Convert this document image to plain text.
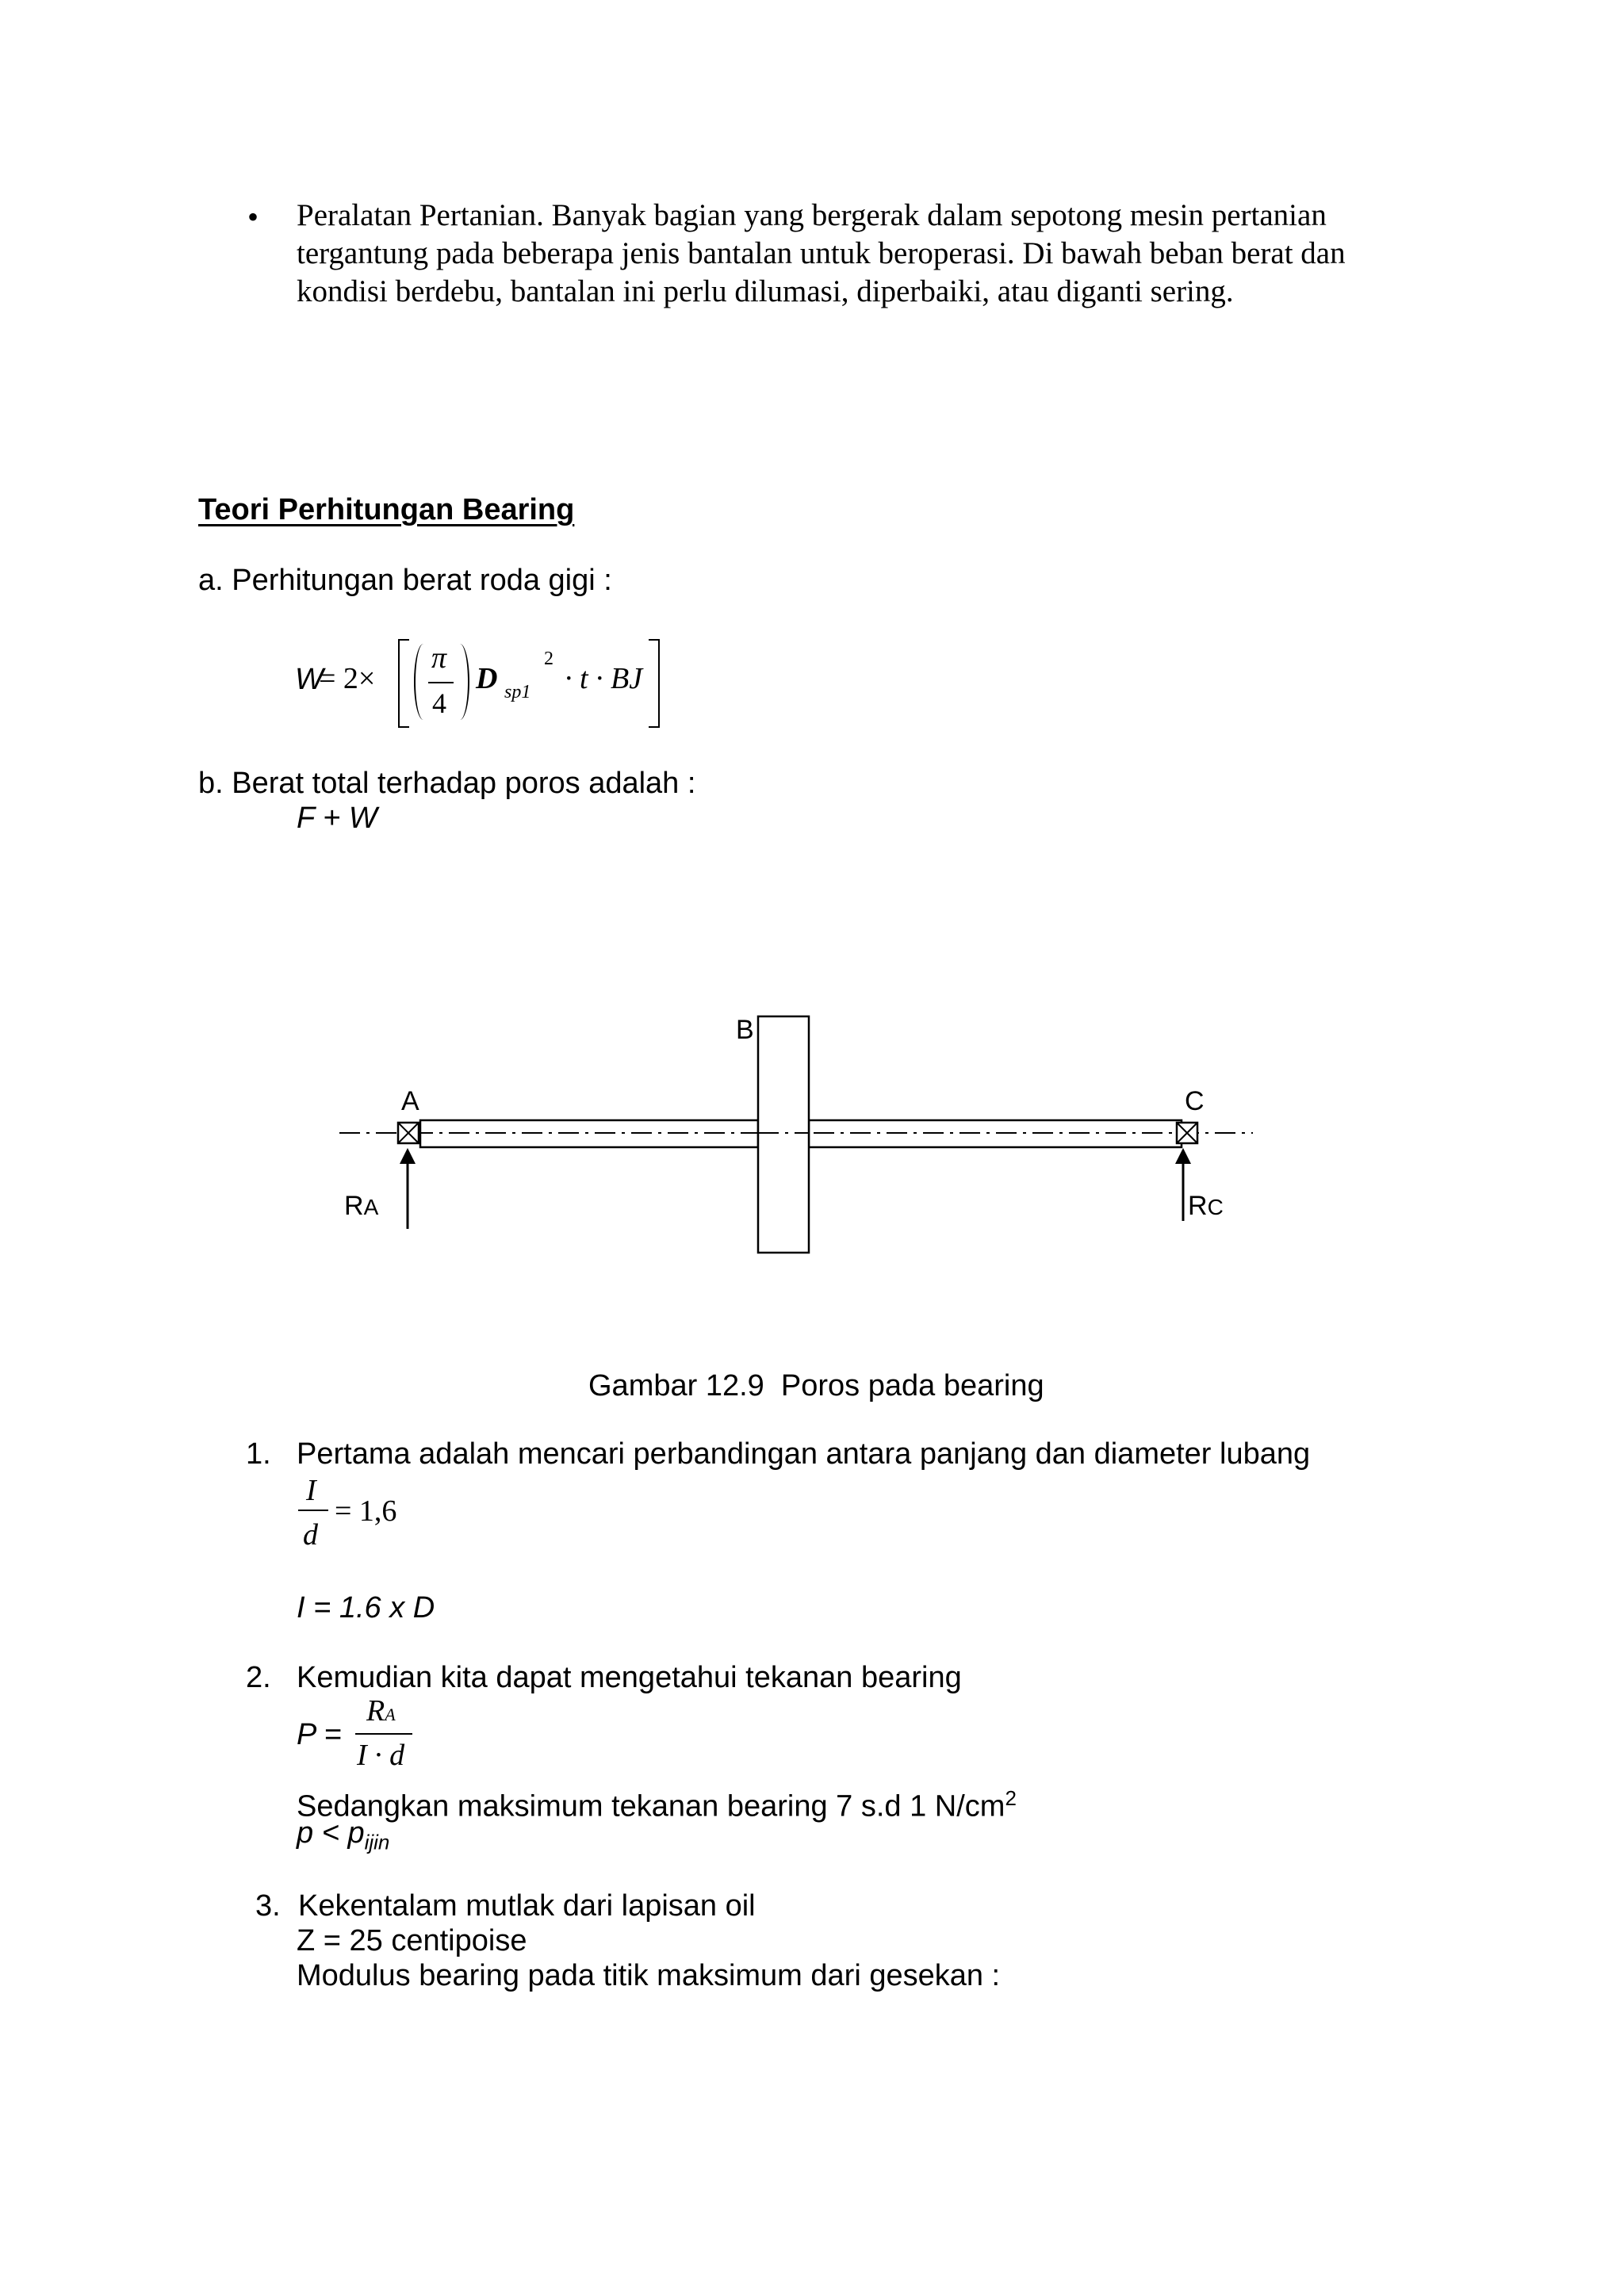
• Peralatan Pertanian. Banyak bagian yang bergerak dalam sepotong mesin pertanian
tergantung pada beberapa jenis bantalan untuk beroperasi. Di bawah beban berat dan
kondisi berdebu, bantalan ini perlu dilumasi, diperbaiki, atau diganti sering.
Teori Perhitungan Bearing
a. Perhitungan berat roda gigi :
W
= 2×
π
4
D sp1
2
· t · BJ
b. Berat total terhadap poros adalah :
F + W
B
A	C
RA	RC
Gambar 12.9  Poros pada bearing
1. Pertama adalah mencari perbandingan antara panjang dan diameter lubang
I
d
= 1,6
I = 1.6 x D
2. Kemudian kita dapat mengetahui tekanan bearing
P =
RA
I · d
Sedangkan maksimum tekanan bearing 7 s.d 1 $N/cm^2$
$p < p_{ijin}$
3. Kekentalam mutlak dari lapisan oil
Z = 25 centipoise
Modulus bearing pada titik maksimum dari gesekan :
